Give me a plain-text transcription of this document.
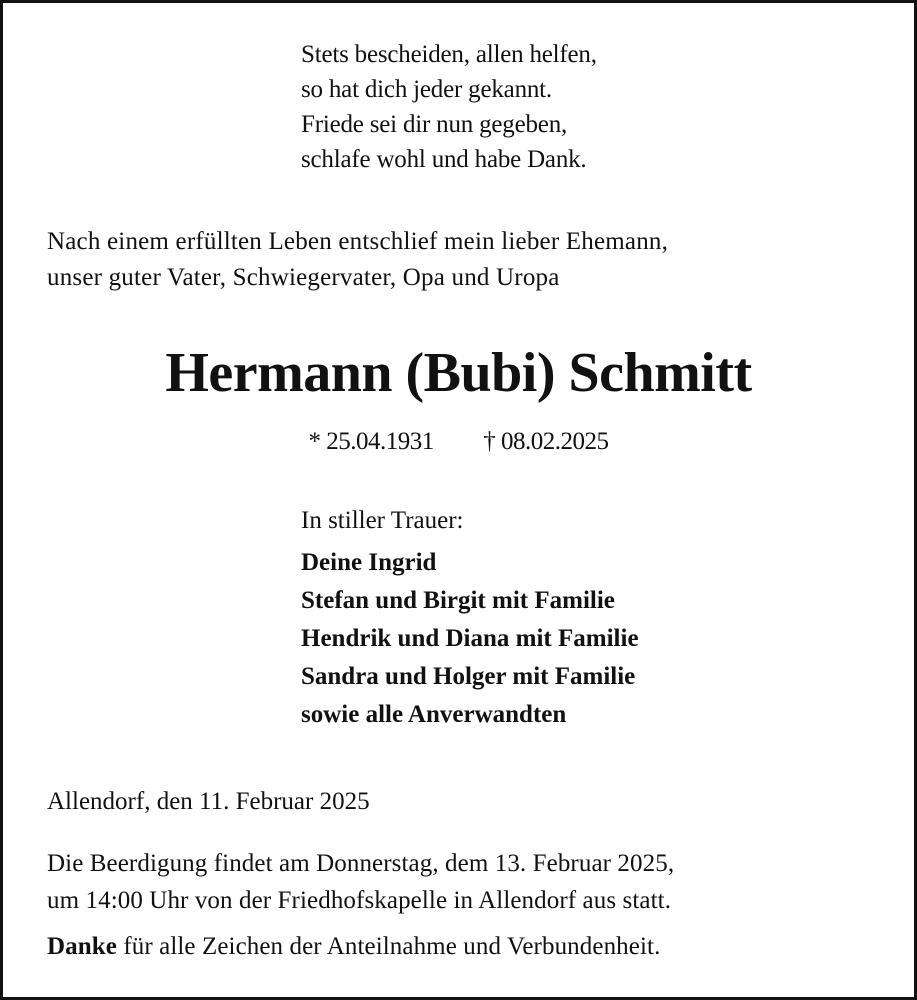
Stets bescheiden, allen helfen,
so hat dich jeder gekannt.
Friede sei dir nun gegeben,
schlafe wohl und habe Dank.
Nach einem erfüllten Leben entschlief mein lieber Ehemann,
unser guter Vater, Schwiegervater, Opa und Uropa
Hermann (Bubi) Schmitt
* 25.04.1931 † 08.02.2025
In stiller Trauer:
Deine Ingrid
Stefan und Birgit mit Familie
Hendrik und Diana mit Familie
Sandra und Holger mit Familie
sowie alle Anverwandten
Allendorf, den 11. Februar 2025
Die Beerdigung findet am Donnerstag, dem 13. Februar 2025,
um 14:00 Uhr von der Friedhofskapelle in Allendorf aus statt.
Danke für alle Zeichen der Anteilnahme und Verbundenheit.
